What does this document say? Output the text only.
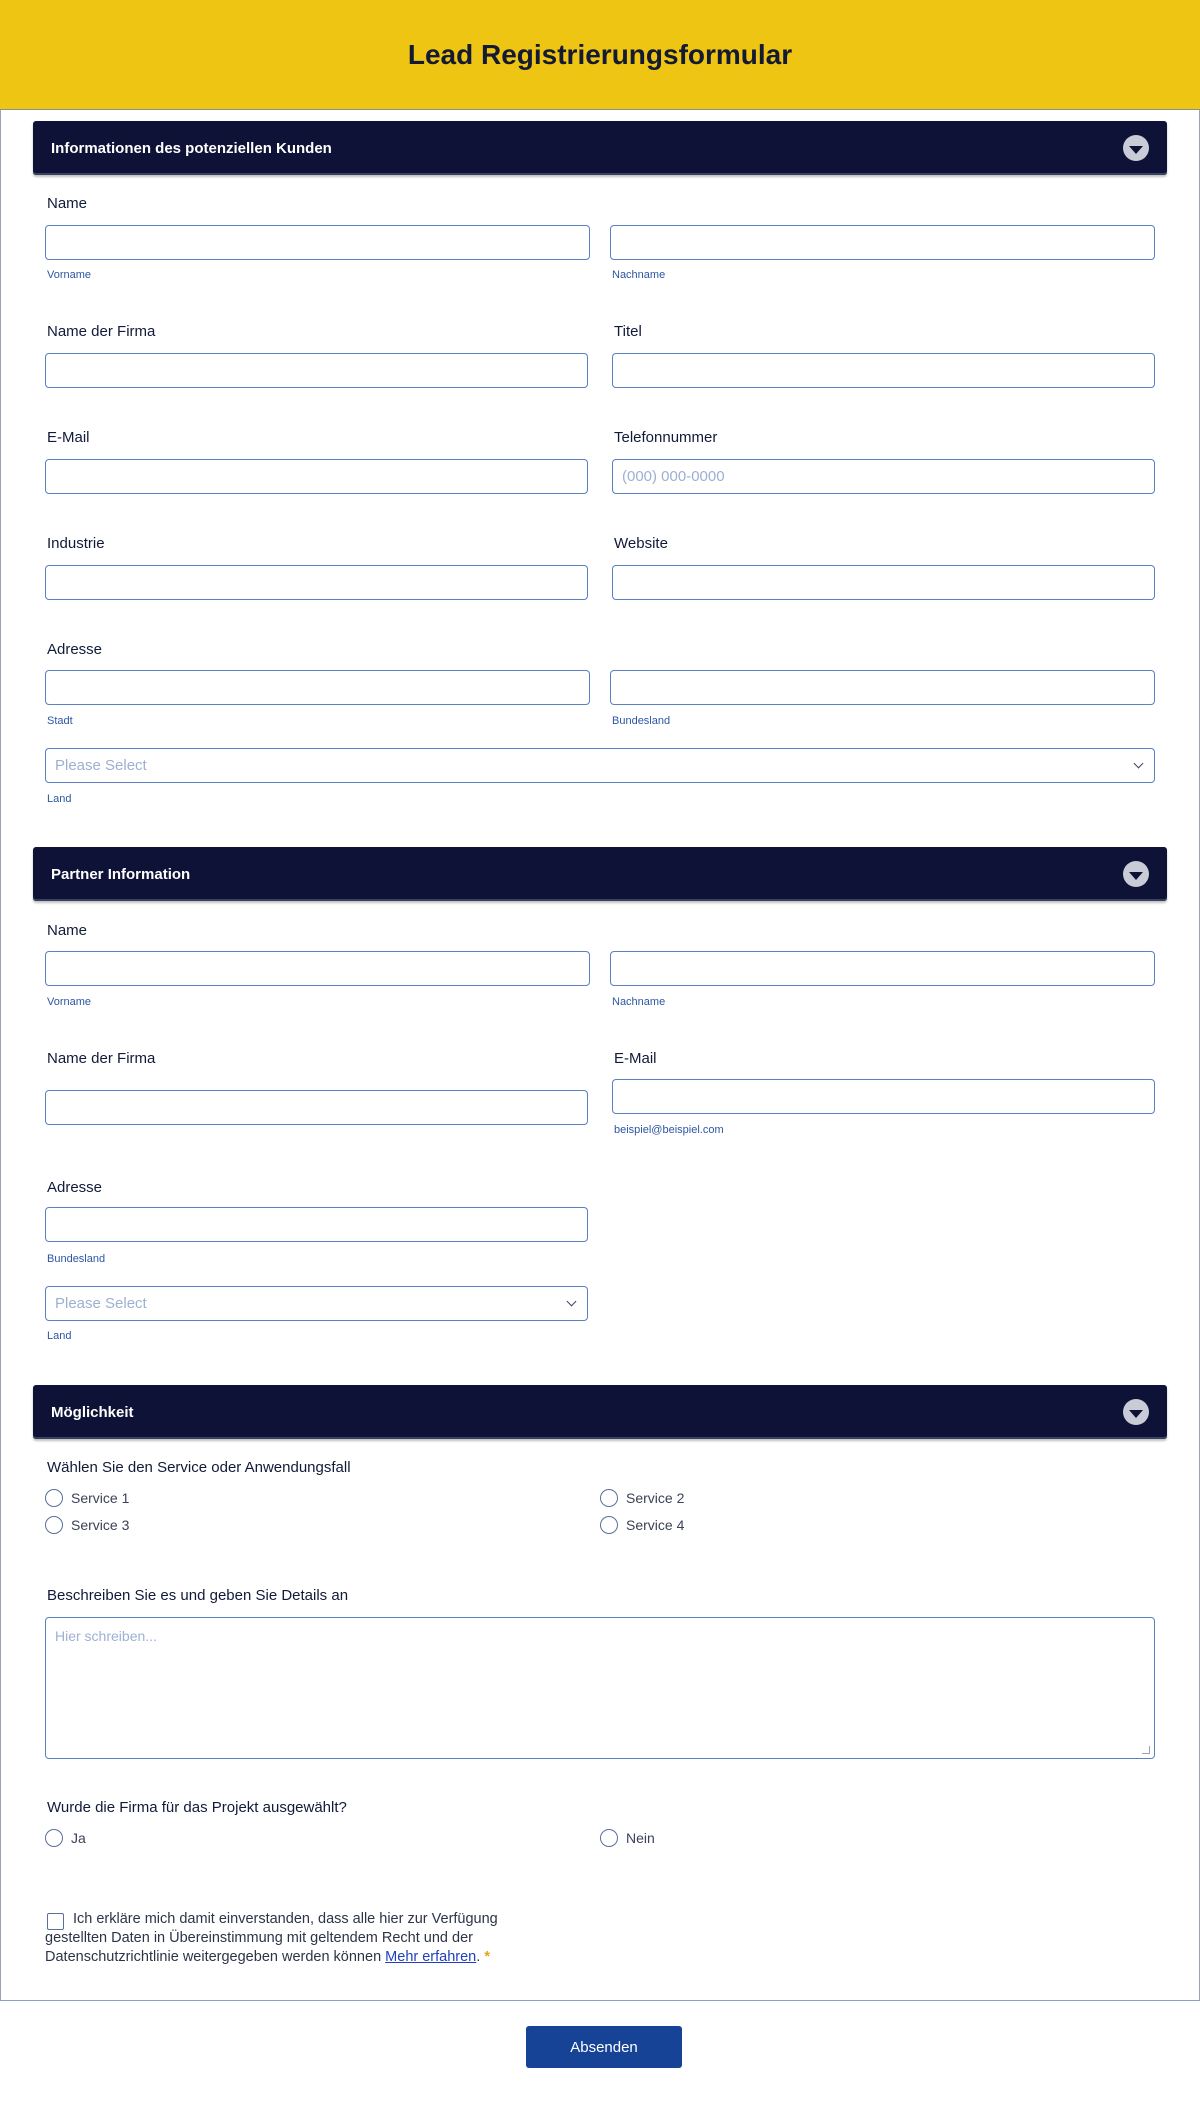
Lead Registrierungsformular
Informationen des potenziellen Kunden
Name
Vorname	Nachname
Name der Firma	Titel
E-Mail	Telefonnummer
(000) 000-0000
Industrie	Website
Adresse
Stadt	Bundesland
Please Select
Land
Partner Information
Name
Vorname	Nachname
Name der Firma	E-Mail
beispiel@beispiel.com
Adresse
Bundesland
Please Select
Land
Möglichkeit
Wählen Sie den Service oder Anwendungsfall
Service 1	Service 2
Service 3	Service 4
Beschreiben Sie es und geben Sie Details an
Hier schreiben...
Wurde die Firma für das Projekt ausgewählt?
Ja	Nein
Ich erkläre mich damit einverstanden, dass alle hier zur Verfügung gestellten Daten in Übereinstimmung mit geltendem Recht und der Datenschutzrichtlinie weitergegeben werden können Mehr erfahren. *
Absenden
